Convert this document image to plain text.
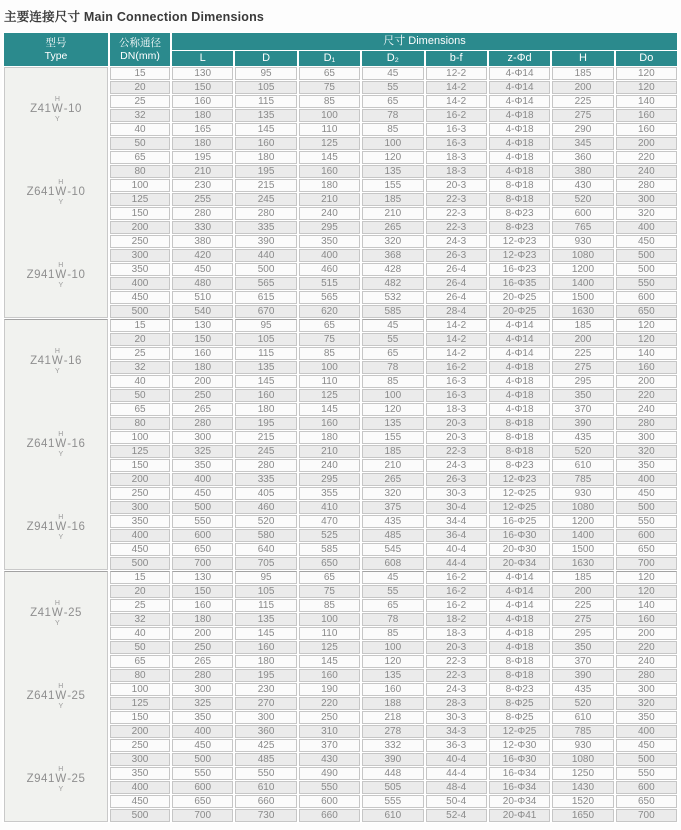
主要连接尺寸 Main Connection Dimensions
型号
Type

公称通径
DN(mm)
	尺寸 Dimensions
		L	D	D₁	D₂	b-f	z-Φd	H	Do

Z41
H
W
Y
-10
Z641
H
W
Y
-10
Z941
H
W
Y
-10
	15	130	95	65	45	12-2	4-Φ14	185	120
	20	150	105	75	55	14-2	4-Φ14	200	120
	25	160	115	85	65	14-2	4-Φ14	225	140
	32	180	135	100	78	16-2	4-Φ18	275	160
	40	165	145	110	85	16-3	4-Φ18	290	160
	50	180	160	125	100	16-3	4-Φ18	345	200
	65	195	180	145	120	18-3	4-Φ18	360	220
	80	210	195	160	135	18-3	4-Φ18	380	240
	100	230	215	180	155	20-3	8-Φ18	430	280
	125	255	245	210	185	22-3	8-Φ18	520	300
	150	280	280	240	210	22-3	8-Φ23	600	320
	200	330	335	295	265	22-3	8-Φ23	765	400
	250	380	390	350	320	24-3	12-Φ23	930	450
	300	420	440	400	368	26-3	12-Φ23	1080	500
	350	450	500	460	428	26-4	16-Φ23	1200	500
	400	480	565	515	482	26-4	16-Φ35	1400	550
	450	510	615	565	532	26-4	20-Φ25	1500	600
	500	540	670	620	585	28-4	20-Φ25	1630	650

Z41
H
W
Y
-16
Z641
H
W
Y
-16
Z941
H
W
Y
-16
	15	130	95	65	45	14-2	4-Φ14	185	120
	20	150	105	75	55	14-2	4-Φ14	200	120
	25	160	115	85	65	14-2	4-Φ14	225	140
	32	180	135	100	78	16-2	4-Φ18	275	160
	40	200	145	110	85	16-3	4-Φ18	295	200
	50	250	160	125	100	16-3	4-Φ18	350	220
	65	265	180	145	120	18-3	4-Φ18	370	240
	80	280	195	160	135	20-3	8-Φ18	390	280
	100	300	215	180	155	20-3	8-Φ18	435	300
	125	325	245	210	185	22-3	8-Φ18	520	320
	150	350	280	240	210	24-3	8-Φ23	610	350
	200	400	335	295	265	26-3	12-Φ23	785	400
	250	450	405	355	320	30-3	12-Φ25	930	450
	300	500	460	410	375	30-4	12-Φ25	1080	500
	350	550	520	470	435	34-4	16-Φ25	1200	550
	400	600	580	525	485	36-4	16-Φ30	1400	600
	450	650	640	585	545	40-4	20-Φ30	1500	650
	500	700	705	650	608	44-4	20-Φ34	1630	700

Z41
H
W
Y
-25
Z641
H
W
Y
-25
Z941
H
W
Y
-25
	15	130	95	65	45	16-2	4-Φ14	185	120
	20	150	105	75	55	16-2	4-Φ14	200	120
	25	160	115	85	65	16-2	4-Φ14	225	140
	32	180	135	100	78	18-2	4-Φ18	275	160
	40	200	145	110	85	18-3	4-Φ18	295	200
	50	250	160	125	100	20-3	4-Φ18	350	220
	65	265	180	145	120	22-3	8-Φ18	370	240
	80	280	195	160	135	22-3	8-Φ18	390	280
	100	300	230	190	160	24-3	8-Φ23	435	300
	125	325	270	220	188	28-3	8-Φ25	520	320
	150	350	300	250	218	30-3	8-Φ25	610	350
	200	400	360	310	278	34-3	12-Φ25	785	400
	250	450	425	370	332	36-3	12-Φ30	930	450
	300	500	485	430	390	40-4	16-Φ30	1080	500
	350	550	550	490	448	44-4	16-Φ34	1250	550
	400	600	610	550	505	48-4	16-Φ34	1430	600
	450	650	660	600	555	50-4	20-Φ34	1520	650
	500	700	730	660	610	52-4	20-Φ41	1650	700
